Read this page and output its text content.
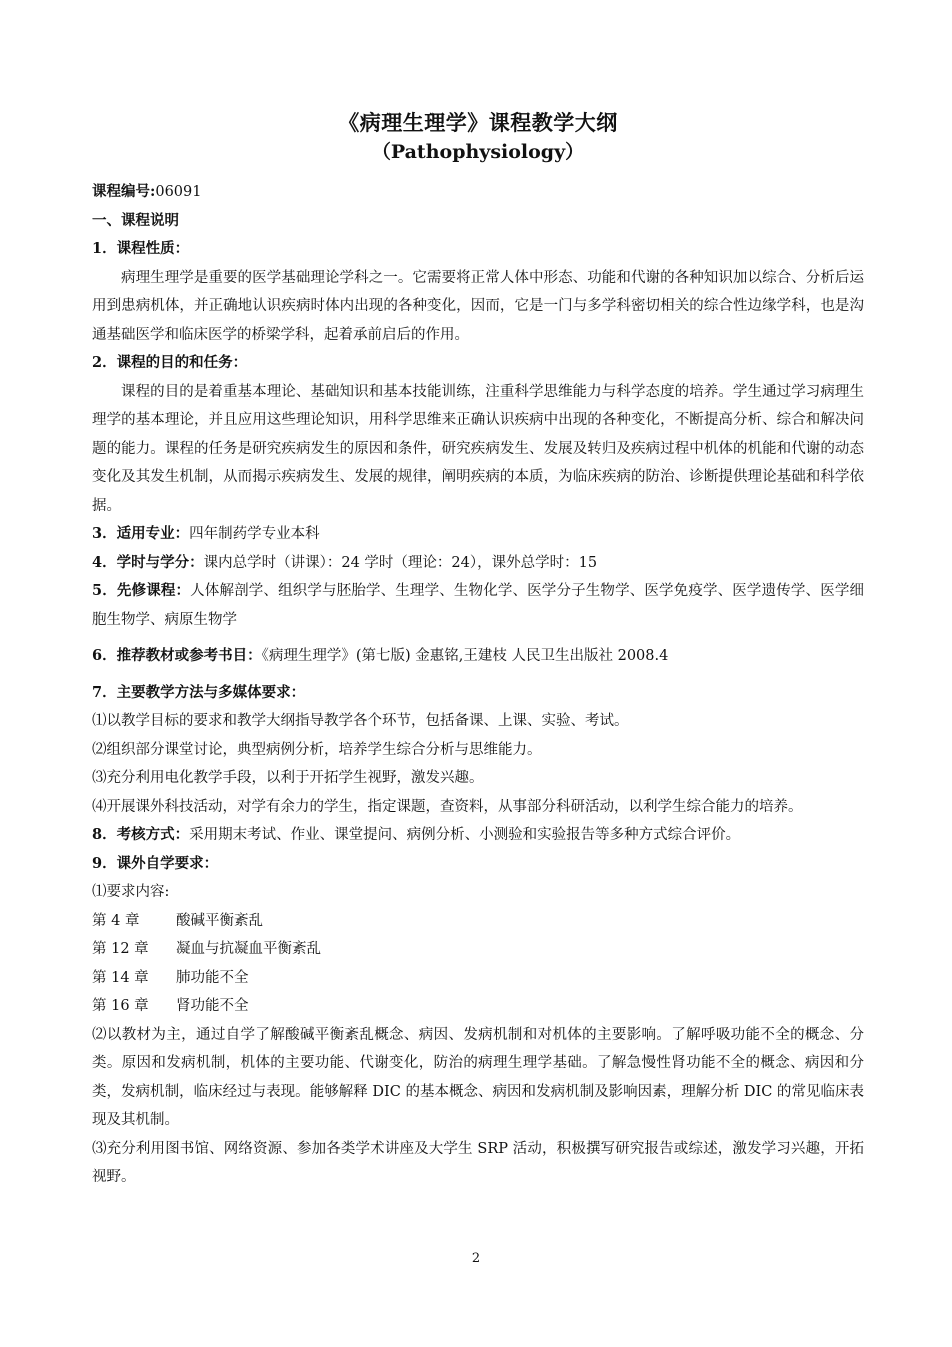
《病理生理学》课程教学大纲

（Pathophysiology）

课程编号:06091

一、课程说明

1．课程性质：

病理生理学是重要的医学基础理论学科之一。它需要将正常人体中形态、功能和代谢的各种知识加以综合、分析后运用到患病机体，并正确地认识疾病时体内出现的各种变化，因而，它是一门与多学科密切相关的综合性边缘学科，也是沟通基础医学和临床医学的桥梁学科，起着承前启后的作用。

2．课程的目的和任务：

课程的目的是着重基本理论、基础知识和基本技能训练，注重科学思维能力与科学态度的培养。学生通过学习病理生理学的基本理论，并且应用这些理论知识，用科学思维来正确认识疾病中出现的各种变化，不断提高分析、综合和解决问题的能力。课程的任务是研究疾病发生的原因和条件，研究疾病发生、发展及转归及疾病过程中机体的机能和代谢的动态变化及其发生机制，从而揭示疾病发生、发展的规律，阐明疾病的本质，为临床疾病的防治、诊断提供理论基础和科学依据。

3．适用专业：四年制药学专业本科

4．学时与学分：课内总学时（讲课）：24 学时（理论：24），课外总学时：15

5．先修课程：人体解剖学、组织学与胚胎学、生理学、生物化学、医学分子生物学、医学免疫学、医学遗传学、医学细胞生物学、病原生物学

6．推荐教材或参考书目：《病理生理学》(第七版) 金惠铭,王建枝 人民卫生出版社 2008.4

7．主要教学方法与多媒体要求：

⑴以教学目标的要求和教学大纲指导教学各个环节，包括备课、上课、实验、考试。

⑵组织部分课堂讨论，典型病例分析，培养学生综合分析与思维能力。

⑶充分利用电化教学手段，以利于开拓学生视野，激发兴趣。

⑷开展课外科技活动，对学有余力的学生，指定课题，查资料，从事部分科研活动，以利学生综合能力的培养。

8．考核方式：采用期末考试、作业、课堂提问、病例分析、小测验和实验报告等多种方式综合评价。

9．课外自学要求：

⑴要求内容:

第 4 章	酸碱平衡紊乱

第 12 章	凝血与抗凝血平衡紊乱

第 14 章	肺功能不全

第 16 章	肾功能不全

⑵以教材为主，通过自学了解酸碱平衡紊乱概念、病因、发病机制和对机体的主要影响。了解呼吸功能不全的概念、分类。原因和发病机制，机体的主要功能、代谢变化，防治的病理生理学基础。了解急慢性肾功能不全的概念、病因和分类，发病机制，临床经过与表现。能够解释 DIC 的基本概念、病因和发病机制及影响因素，理解分析 DIC 的常见临床表现及其机制。

⑶充分利用图书馆、网络资源、参加各类学术讲座及大学生 SRP 活动，积极撰写研究报告或综述，激发学习兴趣，开拓视野。

2
